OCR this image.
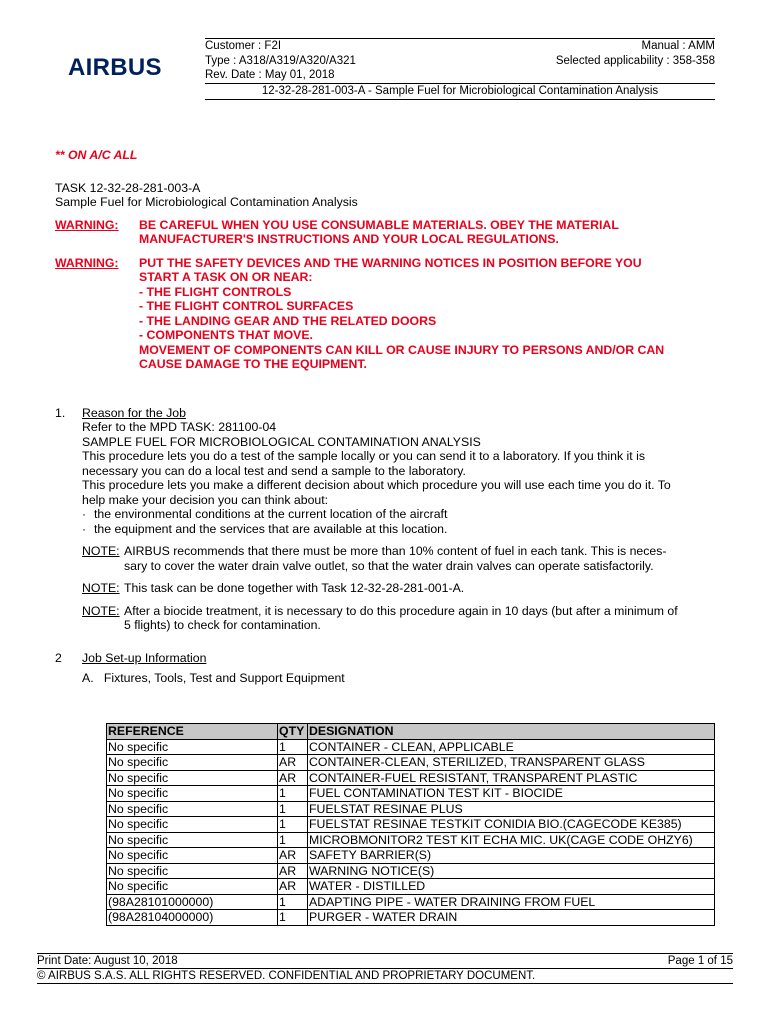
AIRBUS
Customer : F2I	Manual : AMM
Type : A318/A319/A320/A321	Selected applicability : 358-358
Rev. Date : May 01, 2018
12-32-28-281-003-A - Sample Fuel for Microbiological Contamination Analysis
** ON A/C ALL
TASK 12-32-28-281-003-A
Sample Fuel for Microbiological Contamination Analysis
WARNING:	BE CAREFUL WHEN YOU USE CONSUMABLE MATERIALS. OBEY THE MATERIAL
MANUFACTURER'S INSTRUCTIONS AND YOUR LOCAL REGULATIONS.
WARNING:	PUT THE SAFETY DEVICES AND THE WARNING NOTICES IN POSITION BEFORE YOU
START A TASK ON OR NEAR:
- THE FLIGHT CONTROLS
- THE FLIGHT CONTROL SURFACES
- THE LANDING GEAR AND THE RELATED DOORS
- COMPONENTS THAT MOVE.
MOVEMENT OF COMPONENTS CAN KILL OR CAUSE INJURY TO PERSONS AND/OR CAN
CAUSE DAMAGE TO THE EQUIPMENT.
1.	Reason for the Job
Refer to the MPD TASK: 281100-04
SAMPLE FUEL FOR MICROBIOLOGICAL CONTAMINATION ANALYSIS
This procedure lets you do a test of the sample locally or you can send it to a laboratory. If you think it is
necessary you can do a local test and send a sample to the laboratory.
This procedure lets you make a different decision about which procedure you will use each time you do it. To
help make your decision you can think about:
· the environmental conditions at the current location of the aircraft
· the equipment and the services that are available at this location.
NOTE: AIRBUS recommends that there must be more than 10% content of fuel in each tank. This is neces-
sary to cover the water drain valve outlet, so that the water drain valves can operate satisfactorily.
NOTE: This task can be done together with Task 12-32-28-281-001-A.
NOTE: After a biocide treatment, it is necessary to do this procedure again in 10 days (but after a minimum of
5 flights) to check for contamination.
2	Job Set-up Information
A.   Fixtures, Tools, Test and Support Equipment
REFERENCE	QTY	DESIGNATION
No specific	1	CONTAINER - CLEAN, APPLICABLE
No specific	AR	CONTAINER-CLEAN, STERILIZED, TRANSPARENT GLASS
No specific	AR	CONTAINER-FUEL RESISTANT, TRANSPARENT PLASTIC
No specific	1	FUEL CONTAMINATION TEST KIT - BIOCIDE
No specific	1	FUELSTAT RESINAE PLUS
No specific	1	FUELSTAT RESINAE TESTKIT CONIDIA BIO.(CAGECODE KE385)
No specific	1	MICROBMONITOR2 TEST KIT ECHA MIC. UK(CAGE CODE OHZY6)
No specific	AR	SAFETY BARRIER(S)
No specific	AR	WARNING NOTICE(S)
No specific	AR	WATER - DISTILLED
(98A28101000000)	1	ADAPTING PIPE - WATER DRAINING FROM FUEL
(98A28104000000)	1	PURGER - WATER DRAIN
Print Date: August 10, 2018	Page 1 of 15
© AIRBUS S.A.S. ALL RIGHTS RESERVED. CONFIDENTIAL AND PROPRIETARY DOCUMENT.
